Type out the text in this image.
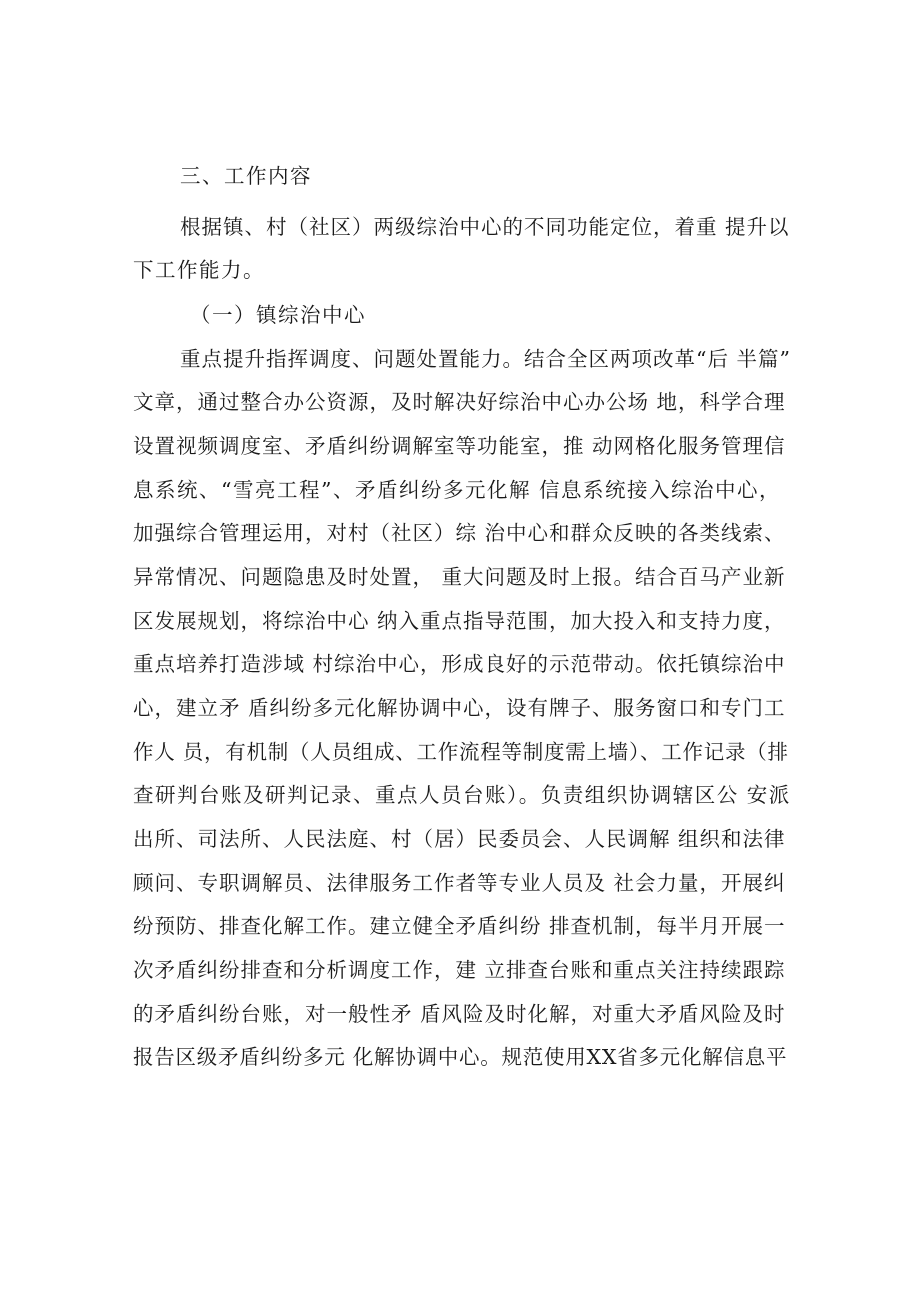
三、工作内容
根据镇、村（社区）两级综治中心的不同功能定位，着重 提升以
下工作能力。
（一）镇综治中心
重点提升指挥调度、问题处置能力。结合全区两项改革“后 半篇”
文章，通过整合办公资源，及时解决好综治中心办公场 地，科学合理
设置视频调度室、矛盾纠纷调解室等功能室，推 动网格化服务管理信
息系统、“雪亮工程”、矛盾纠纷多元化解 信息系统接入综治中心，
加强综合管理运用，对村（社区）综 治中心和群众反映的各类线索、
异常情况、问题隐患及时处置， 重大问题及时上报。结合百马产业新
区发展规划，将综治中心 纳入重点指导范围，加大投入和支持力度，
重点培养打造涉域 村综治中心，形成良好的示范带动。依托镇综治中
心，建立矛 盾纠纷多元化解协调中心，设有牌子、服务窗口和专门工
作人 员，有机制（人员组成、工作流程等制度需上墙）、工作记录（排
查研判台账及研判记录、重点人员台账）。负责组织协调辖区公 安派
出所、司法所、人民法庭、村（居）民委员会、人民调解 组织和法律
顾问、专职调解员、法律服务工作者等专业人员及 社会力量，开展纠
纷预防、排查化解工作。建立健全矛盾纠纷 排查机制，每半月开展一
次矛盾纠纷排查和分析调度工作，建 立排查台账和重点关注持续跟踪
的矛盾纠纷台账，对一般性矛 盾风险及时化解，对重大矛盾风险及时
报告区级矛盾纠纷多元 化解协调中心。规范使用XX省多元化解信息平
